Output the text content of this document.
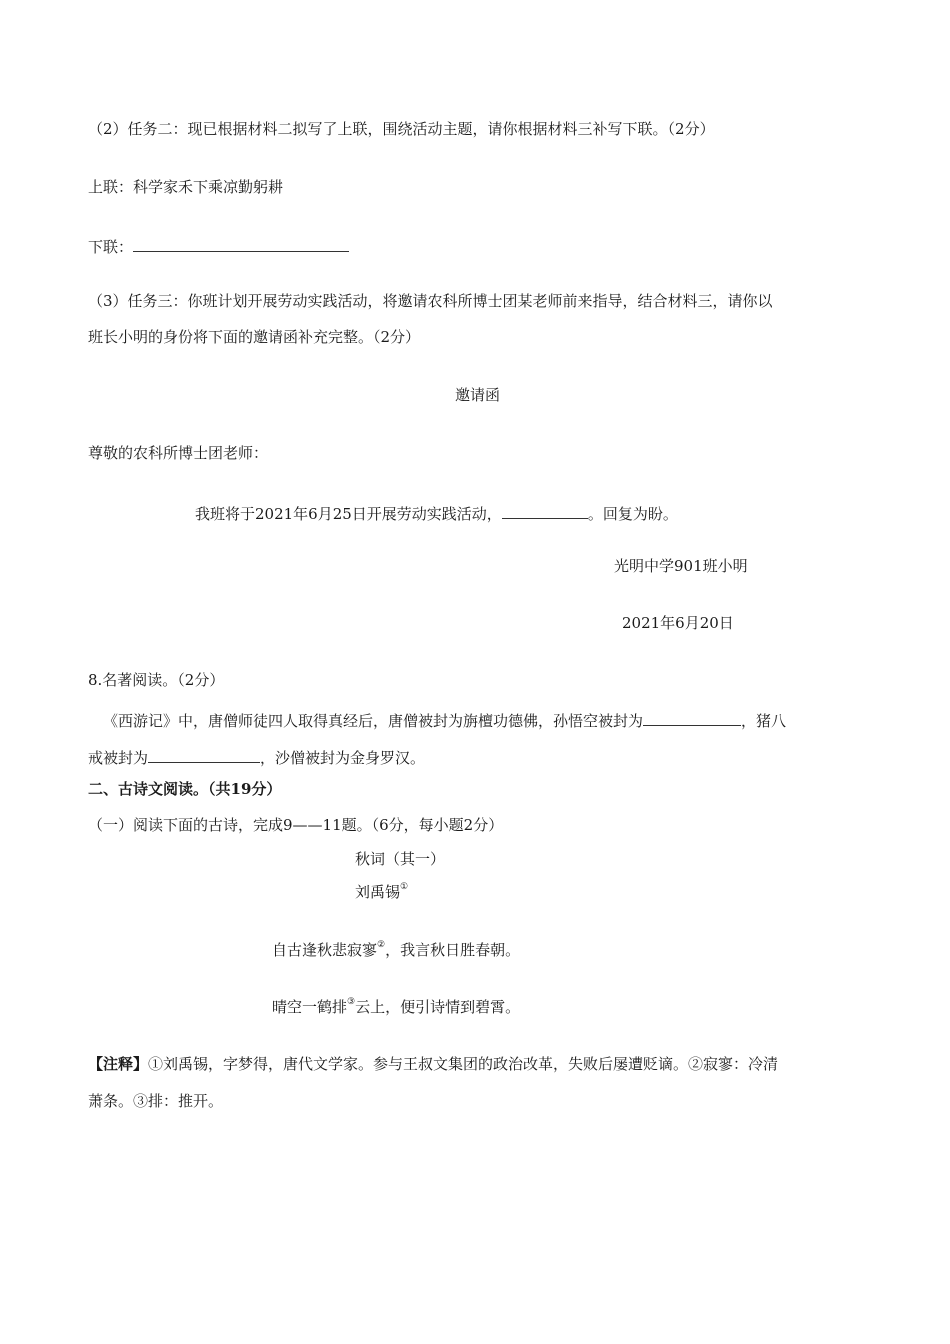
（2）任务二：现已根据材料二拟写了上联，围绕活动主题，请你根据材料三补写下联。（2分）
上联：科学家禾下乘凉勤躬耕
下联：
（3）任务三：你班计划开展劳动实践活动，将邀请农科所博士团某老师前来指导，结合材料三，请你以
班长小明的身份将下面的邀请函补充完整。（2分）
邀请函
尊敬的农科所博士团老师：
我班将于2021年6月25日开展劳动实践活动，	。回复为盼。
光明中学901班小明
2021年6月20日
8.名著阅读。（2分）
《西游记》中，唐僧师徒四人取得真经后，唐僧被封为旃檀功德佛，孙悟空被封为	，猪八
戒被封为	，沙僧被封为金身罗汉。
二、古诗文阅读。（共19分）
（一）阅读下面的古诗，完成9——11题。（6分，每小题2分）
秋词（其一）
刘禹锡①
自古逢秋悲寂寥②，我言秋日胜春朝。
晴空一鹤排③云上，便引诗情到碧霄。
【注释】①刘禹锡，字梦得，唐代文学家。参与王叔文集团的政治改革，失败后屡遭贬谪。②寂寥：冷清
萧条。③排：推开。
